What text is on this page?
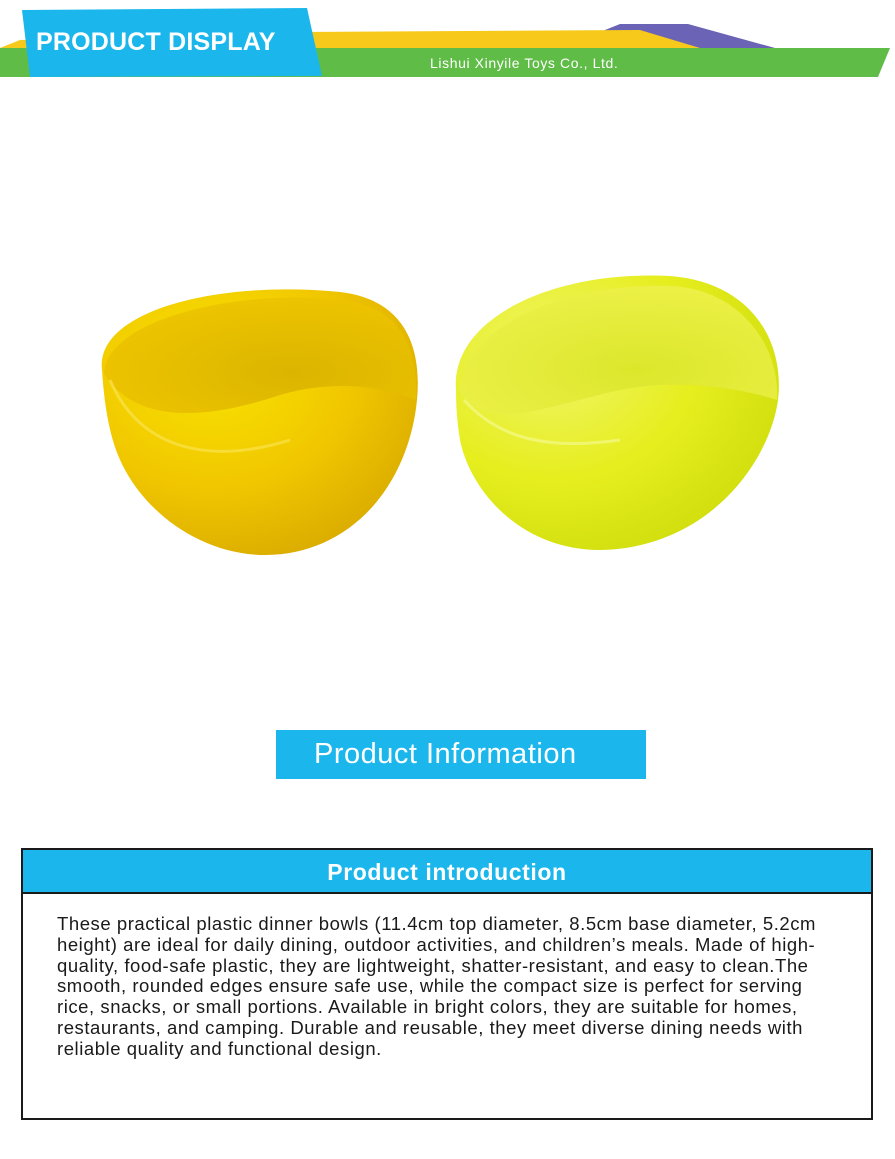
PRODUCT DISPLAY
Lishui Xinyile Toys Co., Ltd.
Product Information
Product introduction
These practical plastic dinner bowls (11.4cm top diameter, 8.5cm base diameter, 5.2cm height) are ideal for daily dining, outdoor activities, and children’s meals. Made of high-quality, food-safe plastic, they are lightweight, shatter-resistant, and easy to clean.The smooth, rounded edges ensure safe use, while the compact size is perfect for serving rice, snacks, or small portions. Available in bright colors, they are suitable for homes, restaurants, and camping. Durable and reusable, they meet diverse dining needs with reliable quality and functional design.
